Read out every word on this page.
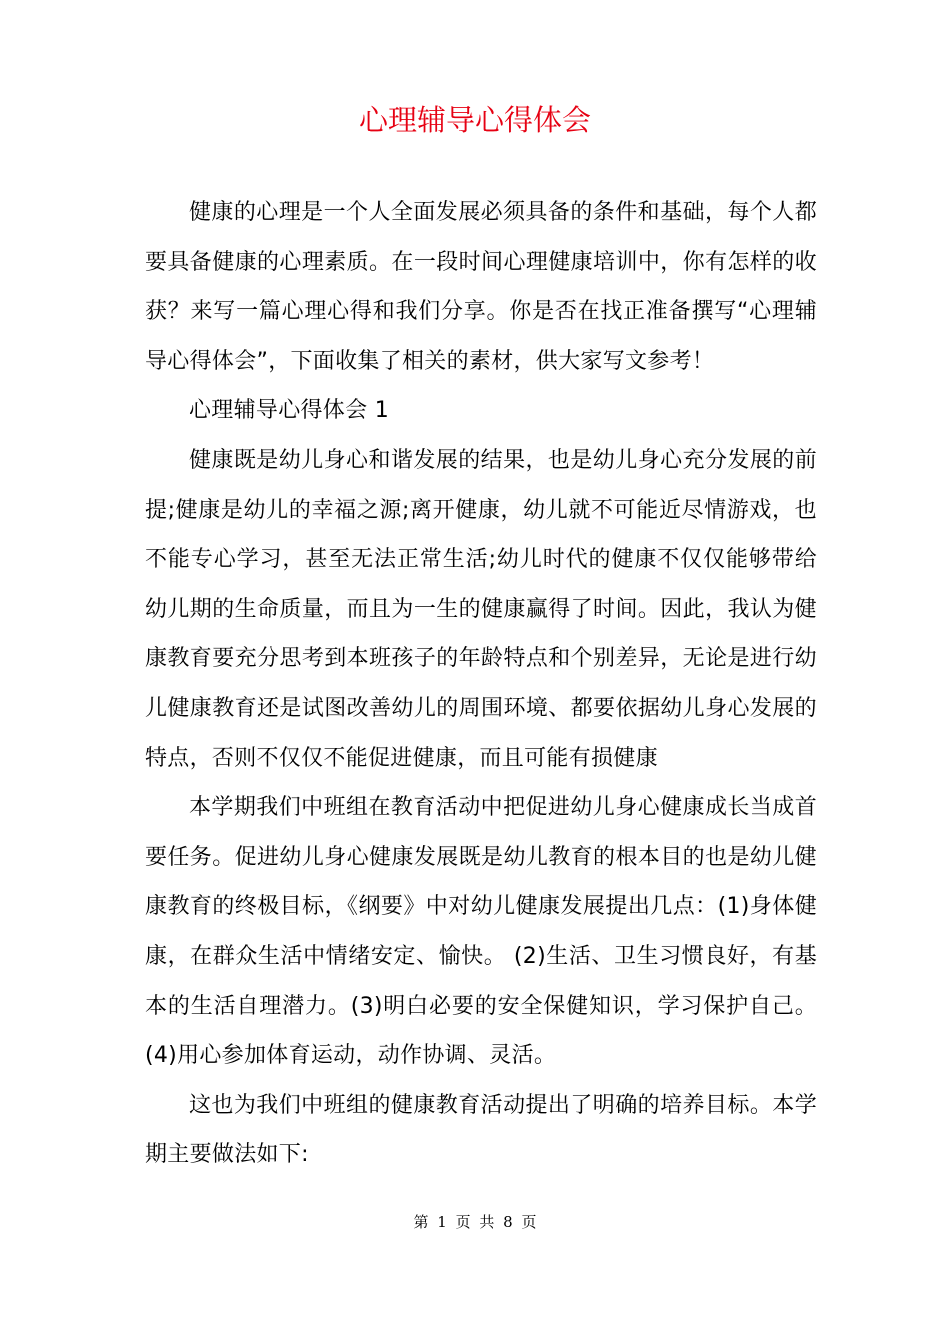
心理辅导心得体会

健康的心理是一个人全面发展必须具备的条件和基础，每个人都要具备健康的心理素质。在一段时间心理健康培训中，你有怎样的收获？来写一篇心理心得和我们分享。你是否在找正准备撰写“心理辅导心得体会”，下面收集了相关的素材，供大家写文参考！

心理辅导心得体会 1

健康既是幼儿身心和谐发展的结果，也是幼儿身心充分发展的前提;健康是幼儿的幸福之源;离开健康，幼儿就不可能近尽情游戏，也不能专心学习，甚至无法正常生活;幼儿时代的健康不仅仅能够带给幼儿期的生命质量，而且为一生的健康赢得了时间。因此，我认为健康教育要充分思考到本班孩子的年龄特点和个别差异，无论是进行幼儿健康教育还是试图改善幼儿的周围环境、都要依据幼儿身心发展的特点，否则不仅仅不能促进健康，而且可能有损健康

本学期我们中班组在教育活动中把促进幼儿身心健康成长当成首要任务。促进幼儿身心健康发展既是幼儿教育的根本目的也是幼儿健康教育的终极目标，《纲要》中对幼儿健康发展提出几点：(1)身体健康，在群众生活中情绪安定、愉快。 (2)生活、卫生习惯良好，有基本的生活自理潜力。(3)明白必要的安全保健知识，学习保护自己。(4)用心参加体育运动，动作协调、灵活。

这也为我们中班组的健康教育活动提出了明确的培养目标。本学期主要做法如下:

第 1 页 共 8 页
